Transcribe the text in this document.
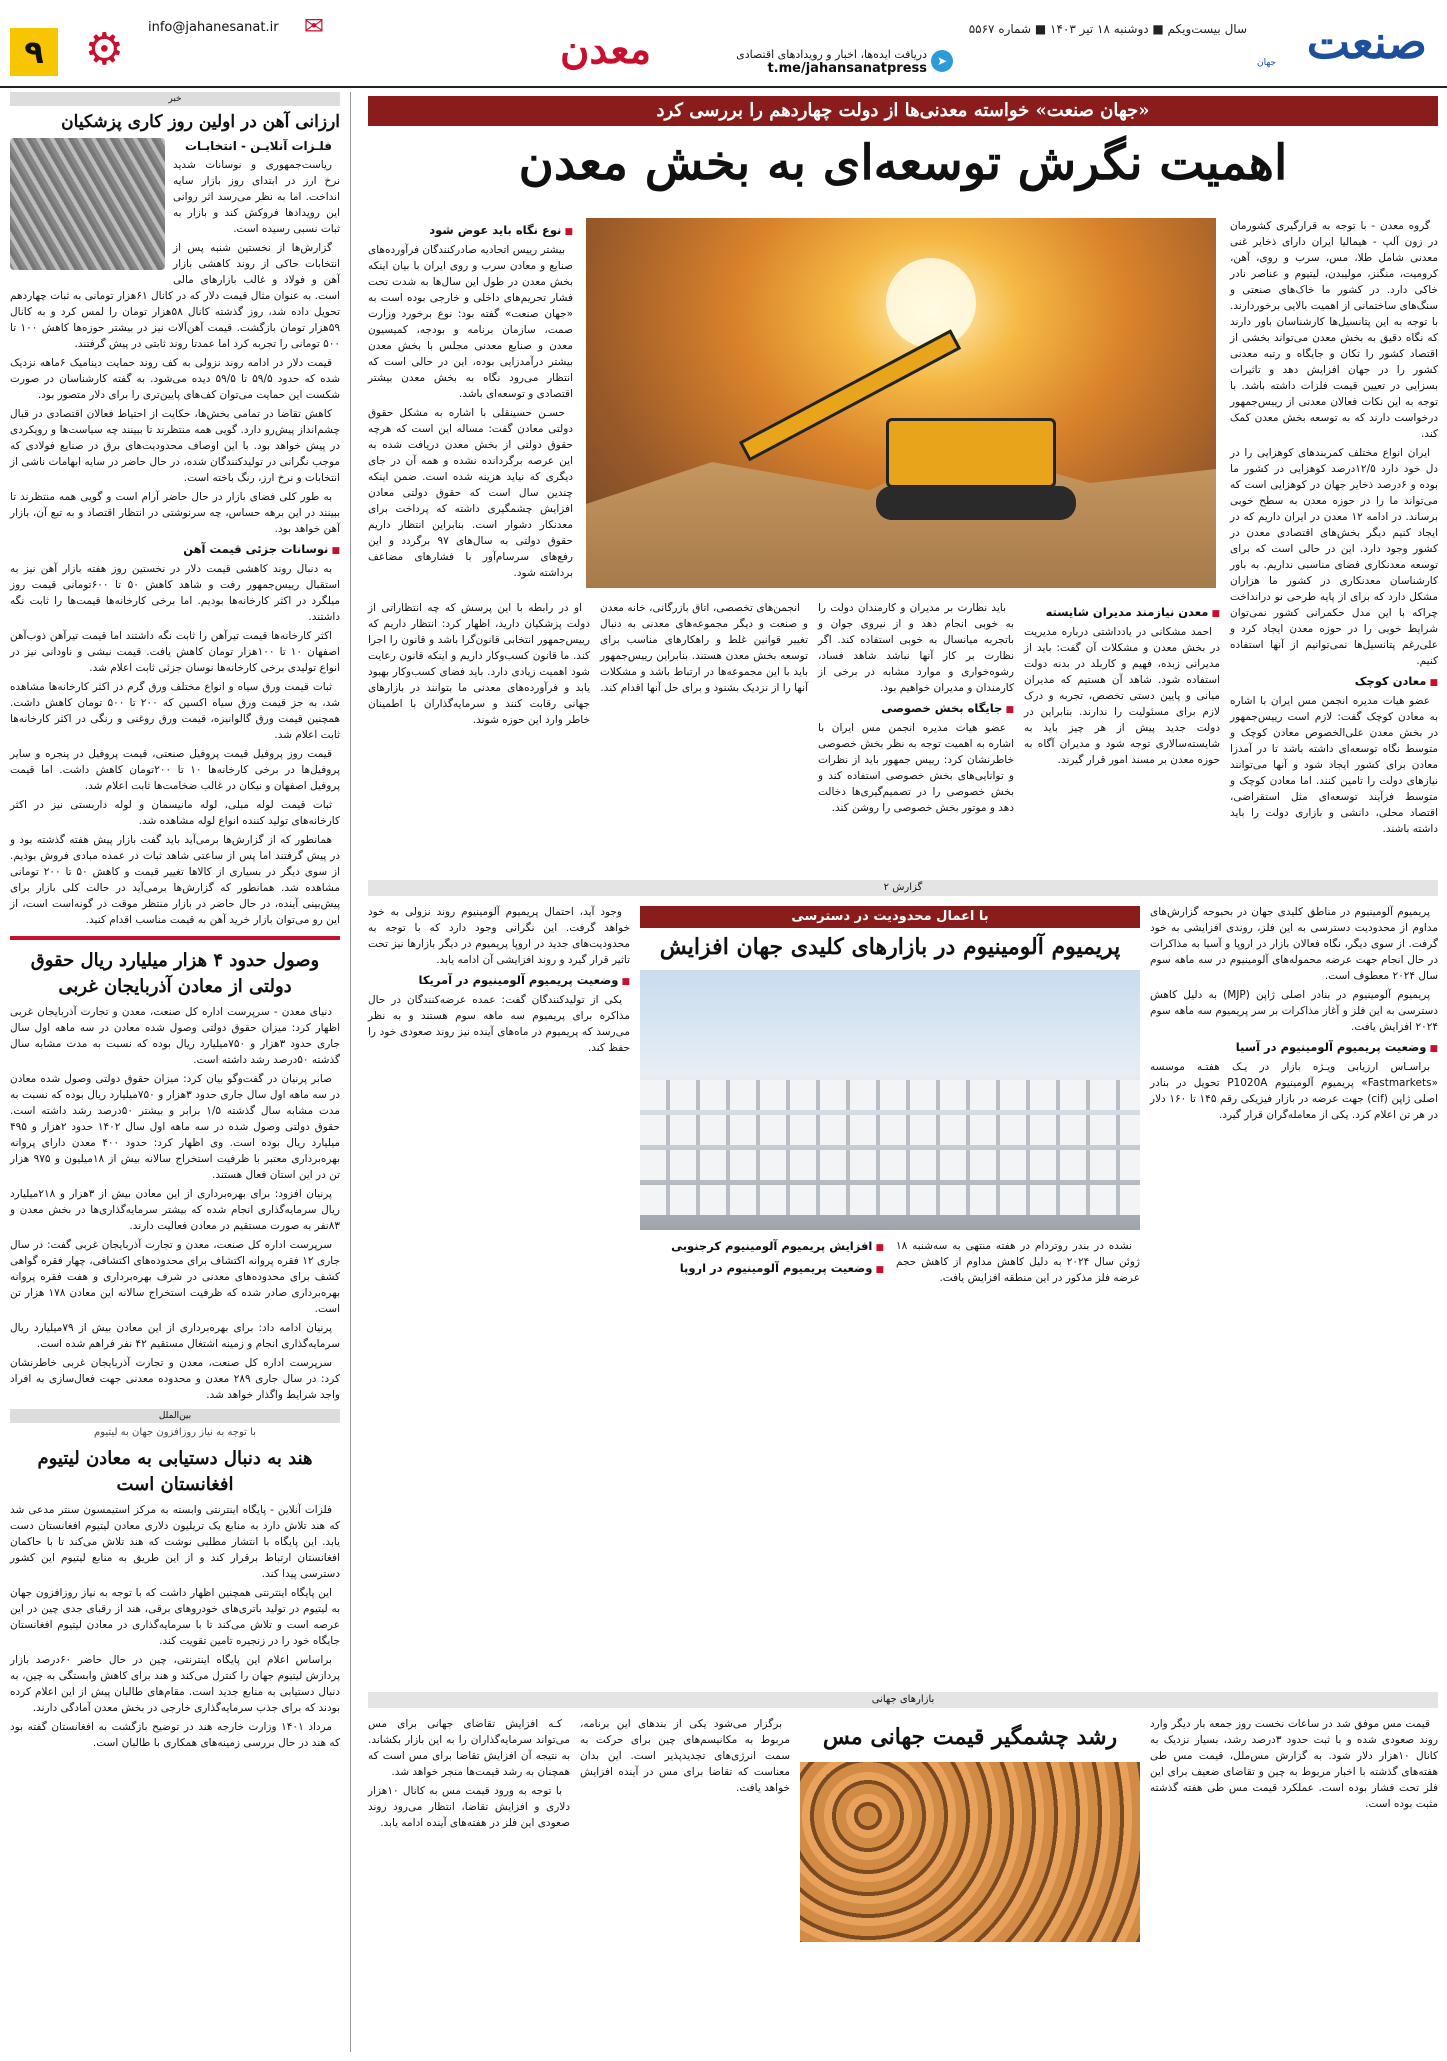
صنعت
جهان
سال بیست‌ویکم ■ دوشنبه ۱۸ تیر ۱۴۰۳ ■ شماره ۵۵۶۷
➤
دریافت ایده‌ها، اخبار و رویدادهای اقتصادی
t.me/jahansanatpress
معدن
✉
info@jahanesanat.ir
⚙
۹
خبر
ارزانی آهن در اولین روز کاری پزشکیان

فلـزات آنلایـن - انتخابـات

ریاست‌جمهوری و نوسانات شدید نرخ ارز در ابتدای روز بازار سایه انداخت. اما به نظر می‌رسد اثر روانی این رویدادها فروکش کند و بازار به ثبات نسبی رسیده است.

گزارش‌ها از نخستین شنبه پس از انتخابات حاکی از روند کاهشی بازار آهن و فولاد و غالب بازارهای مالی است. به عنوان مثال قیمت دلار که در کانال ۶۱هزار تومانی به ثبات چهاردهم تحویل داده شد، روز گذشته کانال ۵۸هزار تومان را لمس کرد و به کانال ۵۹هزار تومان بازگشت. قیمت آهن‌آلات نیز در بیشتر حوزه‌ها کاهش ۱۰۰ تا ۵۰۰ تومانی را تجربه کرد اما عمدتا روند ثابتی در پیش گرفتند.

قیمت دلار در ادامه روند نزولی به کف روند حمایت دینامیک ۶ماهه نزدیک شده که حدود ۵۹/۵ تا ۵۹/۵ دیده می‌شود. به گفته کارشناسان در صورت شکست این حمایت می‌توان کف‌های پایین‌تری را برای دلار متصور بود.

کاهش تقاضا در تمامی بخش‌ها، حکایت از احتیاط فعالان اقتصادی در قبال چشم‌انداز پیش‌رو دارد. گویی همه منتظرند تا ببینند چه سیاست‌ها و رویکردی در پیش خواهد بود. با این اوصاف محدودیت‌های برق در صنایع فولادی که موجب نگرانی در تولیدکنندگان شده، در حال حاضر در سایه ابهامات ناشی از انتخابات و نرخ ارز، رنگ باخته است.

به طور کلی فضای بازار در حال حاضر آرام است و گویی همه منتظرند تا ببینند در این برهه حساس، چه سرنوشتی در انتظار اقتصاد و به تبع آن، بازار آهن خواهد بود.

■ نوسانات جزئی قیمت آهن

به دنبال روند کاهشی قیمت دلار در نخستین روز هفته بازار آهن نیز به استقبال رییس‌جمهور رفت و شاهد کاهش ۵۰ تا ۶۰۰تومانی قیمت روز میلگرد در اکثر کارخانه‌ها بودیم. اما برخی کارخانه‌ها قیمت‌ها را ثابت نگه داشتند.

اکثر کارخانه‌ها قیمت تیرآهن را ثابت نگه داشتند اما قیمت تیرآهن ذوب‌آهن اصفهان ۱۰ تا ۱۰۰هزار تومان کاهش یافت. قیمت نبشی و ناودانی نیز در انواع تولیدی برخی کارخانه‌ها نوسان جزئی ثابت اعلام شد.

ثبات قیمت ورق سیاه و انواع مختلف ورق گرم در اکثر کارخانه‌ها مشاهده شد، به جز قیمت ورق سیاه اکسین که ۲۰۰ تا ۵۰۰ تومان کاهش داشت. همچنین قیمت ورق گالوانیزه، قیمت ورق روغنی و رنگی در اکثر کارخانه‌ها ثابت اعلام شد.

قیمت روز پروفیل قیمت پروفیل صنعتی، قیمت پروفیل در پنجره و سایر پروفیل‌ها در برخی کارخانه‌ها ۱۰ تا ۲۰۰تومان کاهش داشت. اما قیمت پروفیل اصفهان و نیکان در غالب ضخامت‌ها ثابت اعلام شد.

ثبات قیمت لوله مبلی، لوله مانیسمان و لوله داربستی نیز در اکثر کارخانه‌های تولید کننده انواع لوله مشاهده شد.

همانطور که از گزارش‌ها برمی‌آید باید گفت بازار پیش هفته گذشته بود و در پیش گرفتند اما پس از ساعتی شاهد ثبات در عمده مبادی فروش بودیم. از سوی دیگر در بسیاری از کالاها تغییر قیمت و کاهش ۵۰ تا ۲۰۰ تومانی مشاهده شد. همانطور که گزارش‌ها برمی‌آید در حالت کلی بازار برای پیش‌بینی آینده، در حال حاضر در بازار منتظر موقت در گونه‌است است، از این رو می‌توان بازار خرید آهن به قیمت مناسب اقدام کنید.

وصول حدود ۴ هزار میلیارد ریال حقوق دولتی از معادن آذربایجان غربی

دنیای معدن - سرپرست اداره کل صنعت، معدن و تجارت آذربایجان غربی اظهار کرد: میزان حقوق دولتی وصول شده معادن در سه ماهه اول سال جاری حدود ۳هزار و ۷۵۰میلیارد ریال بوده که نسبت به مدت مشابه سال گذشته ۵۰درصد رشد داشته است.

صابر پرنیان در گفت‌وگو بیان کرد: میزان حقوق دولتی وصول شده معادن در سه ماهه اول سال جاری حدود ۳هزار و ۷۵۰میلیارد ریال بوده که نسبت به مدت مشابه سال گذشته ۱/۵ برابر و بیشتر ۵۰درصد رشد داشته است. حقوق دولتی وصول شده در سه ماهه اول سال ۱۴۰۲ حدود ۲هزار و ۴۹۵ میلیارد ریال بوده است. وی اظهار کرد: حدود ۴۰۰ معدن دارای پروانه بهره‌برداری معتبر با ظرفیت استخراج سالانه بیش از ۱۸میلیون و ۹۷۵ هزار تن در این استان فعال هستند.

پرنیان افزود: برای بهره‌برداری از این معادن بیش از ۳هزار و ۲۱۸میلیارد ریال سرمایه‌گذاری انجام شده که بیشتر سرمایه‌گذاری‌ها در بخش معدن و ۸۳نفر به صورت مستقیم در معادن فعالیت دارند.

سرپرست اداره کل صنعت، معدن و تجارت آذربایجان غربی گفت: در سال جاری ۱۲ فقره پروانه اکتشاف برای محدوده‌های اکتشافی، چهار فقره گواهی کشف برای محدوده‌های معدنی در شرف بهره‌برداری و هفت فقره پروانه بهره‌برداری صادر شده که ظرفیت استخراج سالانه این معادن ۱۷۸ هزار تن است.

پرنیان ادامه داد: برای بهره‌برداری از این معادن بیش از ۷۹میلیارد ریال سرمایه‌گذاری انجام و زمینه اشتغال مستقیم ۴۲ نفر فراهم شده است.

سرپرست اداره کل صنعت، معدن و تجارت آذربایجان غربی خاطرنشان کرد: در سال جاری ۲۸۹ معدن و محدوده معدنی جهت فعال‌سازی به افراد واجد شرایط واگذار خواهد شد.

بین‌الملل
با توجه به نیاز روزافزون جهان به لیتیوم
هند به دنبال دستیابی به معادن لیتیوم افغانستان است

فلزات آنلاین - پایگاه اینترنتی وابسته به مرکز استیمسون سنتر مدعی شد که هند تلاش دارد به منابع یک تریلیون دلاری معادن لیتیوم افغانستان دست یابد. این پایگاه با انتشار مطلبی نوشت که هند تلاش می‌کند تا با حاکمان افغانستان ارتباط برقرار کند و از این طریق به منابع لیتیوم این کشور دسترسی پیدا کند.

این پایگاه اینترنتی همچنین اظهار داشت که با توجه به نیاز روزافزون جهان به لیتیوم در تولید باتری‌های خودروهای برقی، هند از رقبای جدی چین در این عرصه است و تلاش می‌کند تا با سرمایه‌گذاری در معادن لیتیوم افغانستان جایگاه خود را در زنجیره تامین تقویت کند.

براساس اعلام این پایگاه اینترنتی، چین در حال حاضر ۶۰درصد بازار پردازش لیتیوم جهان را کنترل می‌کند و هند برای کاهش وابستگی به چین، به دنبال دستیابی به منابع جدید است. مقام‌های طالبان پیش از این اعلام کرده بودند که برای جذب سرمایه‌گذاری خارجی در بخش معدن آمادگی دارند.

مرداد ۱۴۰۱ وزارت خارجه هند در توضیح بازگشت به افغانستان گفته بود که هند در حال بررسی زمینه‌های همکاری با طالبان است.

«جهان صنعت» خواسته معدنی‌ها از دولت چهاردهم را بررسی کرد
اهمیت نگرش توسعه‌ای به بخش معدن

گروه معدن - با توجه به قرارگیری کشورمان در زون آلپ - هیمالیا ایران دارای ذخایر غنی معدنی شامل طلا، مس، سرب و روی، آهن، کرومیت، منگنز، مولیبدن، لیتیوم و عناصر نادر خاکی دارد. در کشور ما خاک‌های صنعتی و سنگ‌های ساختمانی از اهمیت بالایی برخوردارند. با توجه به این پتانسیل‌ها کارشناسان باور دارند که نگاه دقیق به بخش معدن می‌تواند بخشی از اقتصاد کشور را تکان و جایگاه و رتبه معدنی کشور را در جهان افزایش دهد و تاثیرات بسزایی در تعیین قیمت فلزات داشته باشد. با توجه به این نکات فعالان معدنی از رییس‌جمهور درخواست دارند که به توسعه بخش معدن کمک کند.

ایران انواع مختلف کمربندهای کوهزایی را در دل خود دارد ۱۲/۵درصد کوهزایی در کشور ما بوده و ۶درصد ذخایر جهان در کوهزایی است که می‌تواند ما را در حوزه معدن به سطح خوبی برساند. در ادامه ۱۲ معدن در ایران داریم که در ایجاد کنیم دیگر بخش‌های اقتصادی معدن در کشور وجود دارد. این در حالی است که برای توسعه معدنکاری فضای مناسبی نداریم. به باور کارشناسان معدنکاری در کشور ما هزاران مشکل دارد که برای از پایه طرحی نو درانداخت چراکه با این مدل حکمرانی کشور نمی‌توان شرایط خوبی را در حوزه معدن ایجاد کرد و علی‌رغم پتانسیل‌ها نمی‌توانیم از آنها استفاده کنیم.

■ معادن کوچک

عضو هیات مدیره انجمن مس ایران با اشاره به معادن کوچک گفت: لازم است رییس‌جمهور در بخش معدن علی‌الخصوص معادن کوچک و متوسط نگاه توسعه‌ای داشته باشد تا در آمدزا معادن برای کشور ایجاد شود و آنها می‌توانند نیازهای دولت را تامین کنند. اما معادن کوچک و متوسط فرآیند توسعه‌ای مثل استقراضی، اقتصاد محلی، دانشی و بازاری دولت را باید داشته باشند.

■ نوع نگاه باید عوض شود

بیشتر رییس اتحادیه صادرکنندگان فرآورده‌های صنایع و معادن سرب و روی ایران با بیان اینکه بخش معدن در طول این سال‌ها به شدت تحت فشار تحریم‌های داخلی و خارجی بوده است به «جهان صنعت» گفته بود: نوع برخورد وزارت صمت، سازمان برنامه و بودجه، کمیسیون معدن و صنایع معدنی مجلس با بخش معدن بیشتر درآمدزایی بوده، این در حالی است که انتظار می‌رود نگاه به بخش معدن بیشتر اقتصادی و توسعه‌ای باشد.

حسـن حسینقلی با اشاره به مشکل حقوق دولتی معادن گفت: مساله این است که هرچه حقوق دولتی از بخش معدن دریافت شده به این عرصه برگردانده نشده و همه آن در جای دیگری که نیاید هزینه شده است. ضمن اینکه چندین سال است که حقوق دولتی معادن افزایش چشمگیری داشته که پرداخت برای معدنکار دشوار است. بنابراین انتظار داریم حقوق دولتی به سال‌های ۹۷ برگردد و این رفع‌های سرسام‌آور با فشارهای مضاعف برداشته شود.

■ معدن نیازمند مدیران شایسته

احمد مشکانی در یادداشتی درباره مدیریت در بخش معدن و مشکلات آن گفت: باید از مدیرانی زبده، فهیم و کاربلد در بدنه دولت استفاده شود. شاهد آن هستیم که مدیران میانی و پایین دستی تخصص، تجربه و درک لازم برای مسئولیت را ندارند. بنابراین در دولت جدید پیش از هر چیز باید به شایسته‌سالاری توجه شود و مدیران آگاه به حوزه معدن بر مسند امور قرار گیرند.

باید نظارت بر مدیران و کارمندان دولت را به خوبی انجام دهد و از نیروی جوان و باتجربه میانسال به خوبی استفاده کند. اگر نظارت بر کار آنها نباشد شاهد فساد، رشوه‌خواری و موارد مشابه در برخی از کارمندان و مدیران خواهیم بود.

■ جایگاه بخش خصوصی

عضو هیات مدیره انجمن مس ایران با اشاره به اهمیت توجه به نظر بخش خصوصی خاطرنشان کرد: رییس جمهور باید از نظرات و توانایی‌های بخش خصوصی استفاده کند و بخش خصوصی را در تصمیم‌گیری‌ها دخالت دهد و موتور بخش خصوصی را روشن کند.

انجمن‌های تخصصی، اتاق بازرگانی، خانه معدن و صنعت و دیگر مجموعه‌های معدنی به دنبال تغییر قوانین غلط و راهکارهای مناسب برای توسعه بخش معدن هستند. بنابراین رییس‌جمهور باید با این مجموعه‌ها در ارتباط باشد و مشکلات آنها را از نزدیک بشنود و برای حل آنها اقدام کند.

او در رابطه با این پرسش که چه انتظاراتی از دولت پزشکیان دارید، اظهار کرد: انتظار داریم که رییس‌جمهور انتخابی قانون‌گرا باشد و قانون را اجرا کند. ما قانون کسب‌وکار داریم و اینکه قانون رعایت شود اهمیت زیادی دارد. باید فضای کسب‌وکار بهبود یابد و فرآورده‌های معدنی ما بتوانند در بازارهای جهانی رقابت کنند و سرمایه‌گذاران با اطمینان خاطر وارد این حوزه شوند.

گزارش ۲

پریمیوم آلومینیوم در مناطق کلیدی جهان در بحبوحه گزارش‌های مداوم از محدودیت دسترسی به این فلز، روندی افزایشی به خود گرفت. از سوی دیگر، نگاه فعالان بازار در اروپا و آسیا به مذاکرات در حال انجام جهت عرضه محموله‌های آلومینیوم در سه ماهه سوم سال ۲۰۲۴ معطوف است.

پریمیوم آلومینیوم در بنادر اصلی ژاپن (MJP) به دلیل کاهش دسترسی به این فلز و آغاز مذاکرات بر سر پریمیوم سه ماهه سوم ۲۰۲۴ افزایش یافت.

■ وضعیت پریمیوم آلومینیوم در آسیا

براسـاس ارزیابی ویـژه بازار در یـک هفتـه موسسه «Fastmarkets» پریمیوم آلومینیوم P1020A تحویل در بنادر اصلی ژاپن (cif) جهت عرضه در بازار فیزیکی رقم ۱۴۵ تا ۱۶۰ دلار در هر تن اعلام کرد. یکی از معامله‌گران قرار گیرد.

با اعمال محدودیت در دسترسی
پریمیوم آلومینیوم در بازارهای کلیدی جهان افزایش

نشده در بندر روتردام در هفته منتهی به سه‌شنبه ۱۸ ژوئن سال ۲۰۲۴ به دلیل کاهش مداوم از کاهش حجم عرضه فلز مذکور در این منطقه افزایش یافت.

■ افزایش پریمیوم آلومینیوم کرجنوبی
■ وضعیت پریمیوم آلومینیوم در اروپا

وجود آید، احتمال پریمیوم آلومینیوم روند نزولی به خود خواهد گرفت. این نگرانی وجود دارد که با توجه به محدودیت‌های جدید در اروپا پریمیوم در دیگر بازارها نیز تحت تاثیر قرار گیرد و روند افزایشی آن ادامه یابد.

■ وضعیت پریمیوم آلومینیوم در آمریکا

یکی از تولیدکنندگان گفت: عمده عرضه‌کنندگان در حال مذاکره برای پریمیوم سه ماهه سوم هستند و به نظر می‌رسد که پریمیوم در ماه‌های آینده نیز روند صعودی خود را حفظ کند.

بازارهای جهانی

قیمت مس موفق شد در ساعات نخست روز جمعه بار دیگر وارد روند صعودی شده و با ثبت حدود ۳درصد رشد، بسیار نزدیک به کانال ۱۰هزار دلار شود. به گزارش مس‌ملل، قیمت مس طی هفته‌های گذشته با اخبار مربوط به چین و تقاضای ضعیف برای این فلز تحت فشار بوده است. عملکرد قیمت مس طی هفته گذشته مثبت بوده است.

رشد چشمگیر قیمت جهانی مس

برگزار می‌شود یکی از بندهای این برنامه، مربوط به مکانیسم‌های چین برای حرکت به سمت انرژی‌های تجدیدپذیر است. این بدان معناست که تقاضا برای مس در آینده افزایش خواهد یافت.

کـه افزایش تقاضای جهانی برای مس می‌تواند سرمایه‌گذاران را به این بازار بکشاند. به نتیجه آن افزایش تقاضا برای مس است که همچنان به رشد قیمت‌ها منجر خواهد شد.

با توجه به ورود قیمت مس به کانال ۱۰هزار دلاری و افزایش تقاضا، انتظار می‌رود روند صعودی این فلز در هفته‌های آینده ادامه یابد.
